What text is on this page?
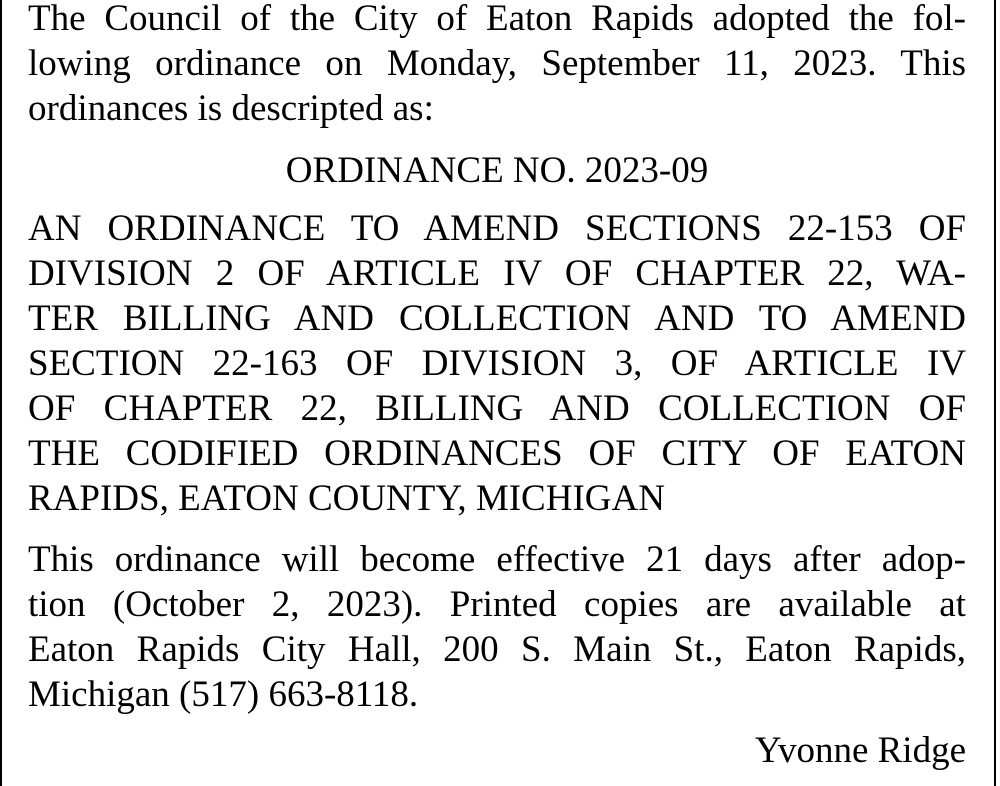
The Council of the City of Eaton Rapids adopted the fol-
lowing ordinance on Monday, September 11, 2023. This
ordinances is descripted as:
ORDINANCE NO. 2023-09
AN ORDINANCE TO AMEND SECTIONS 22-153 OF
DIVISION 2 OF ARTICLE IV OF CHAPTER 22, WA-
TER BILLING AND COLLECTION AND TO AMEND
SECTION 22-163 OF DIVISION 3, OF ARTICLE IV
OF CHAPTER 22, BILLING AND COLLECTION OF
THE CODIFIED ORDINANCES OF CITY OF EATON
RAPIDS, EATON COUNTY, MICHIGAN
This ordinance will become effective 21 days after adop-
tion (October 2, 2023). Printed copies are available at
Eaton Rapids City Hall, 200 S. Main St., Eaton Rapids,
Michigan (517) 663-8118.
Yvonne Ridge
